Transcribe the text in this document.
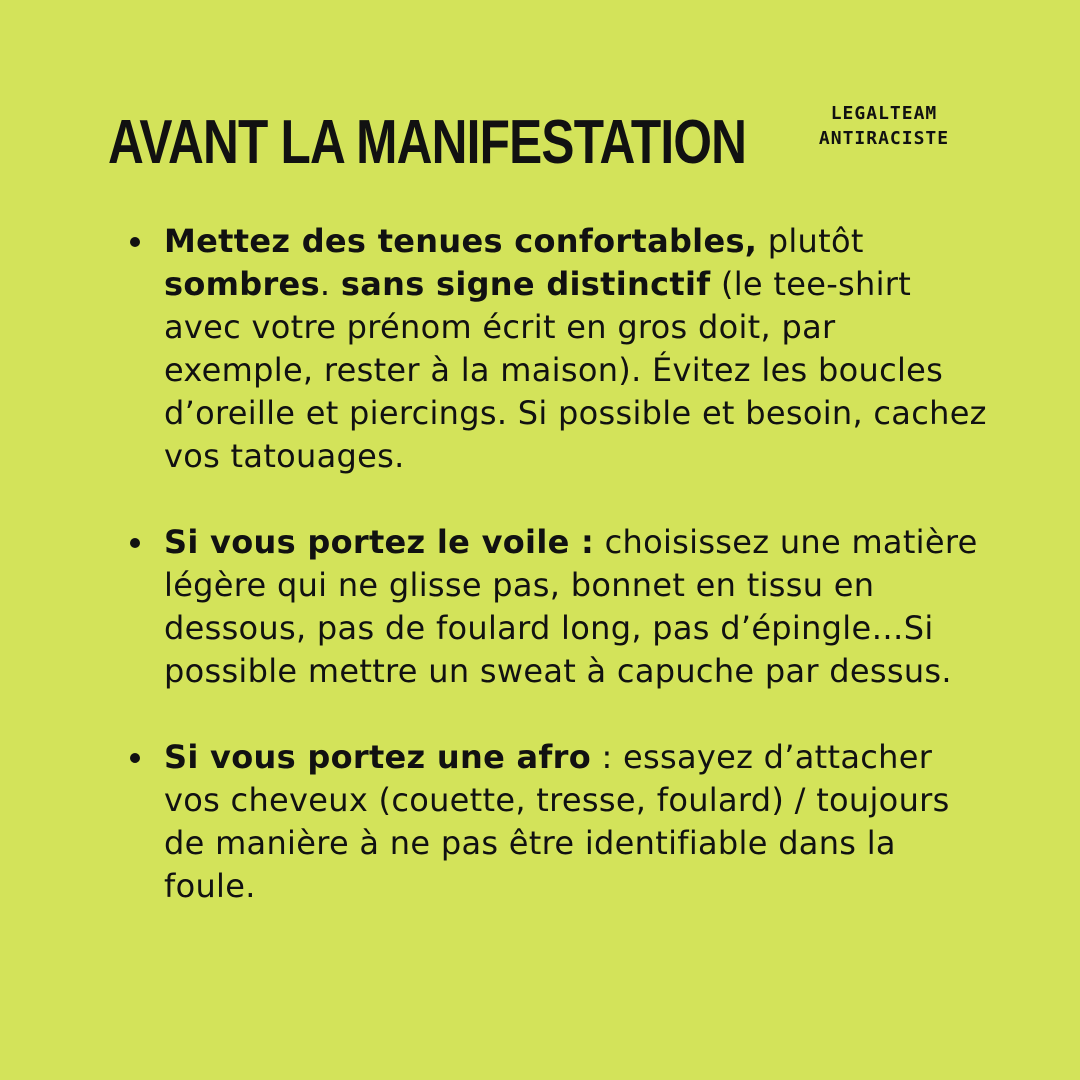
AVANT LA MANIFESTATION	LEGALTEAM
ANTIRACISTE
Mettez des tenues confortables, plutôt sombres. sans signe distinctif (le tee-shirt avec votre prénom écrit en gros doit, par exemple, rester à la maison). Évitez les boucles d’oreille et piercings. Si possible et besoin, cachez vos tatouages.
Si vous portez le voile : choisissez une matière légère qui ne glisse pas, bonnet en tissu en dessous, pas de foulard long, pas d’épingle…Si possible mettre un sweat à capuche par dessus.
Si vous portez une afro : essayez d’attacher vos cheveux (couette, tresse, foulard) / toujours de manière à ne pas être identifiable dans la foule.
